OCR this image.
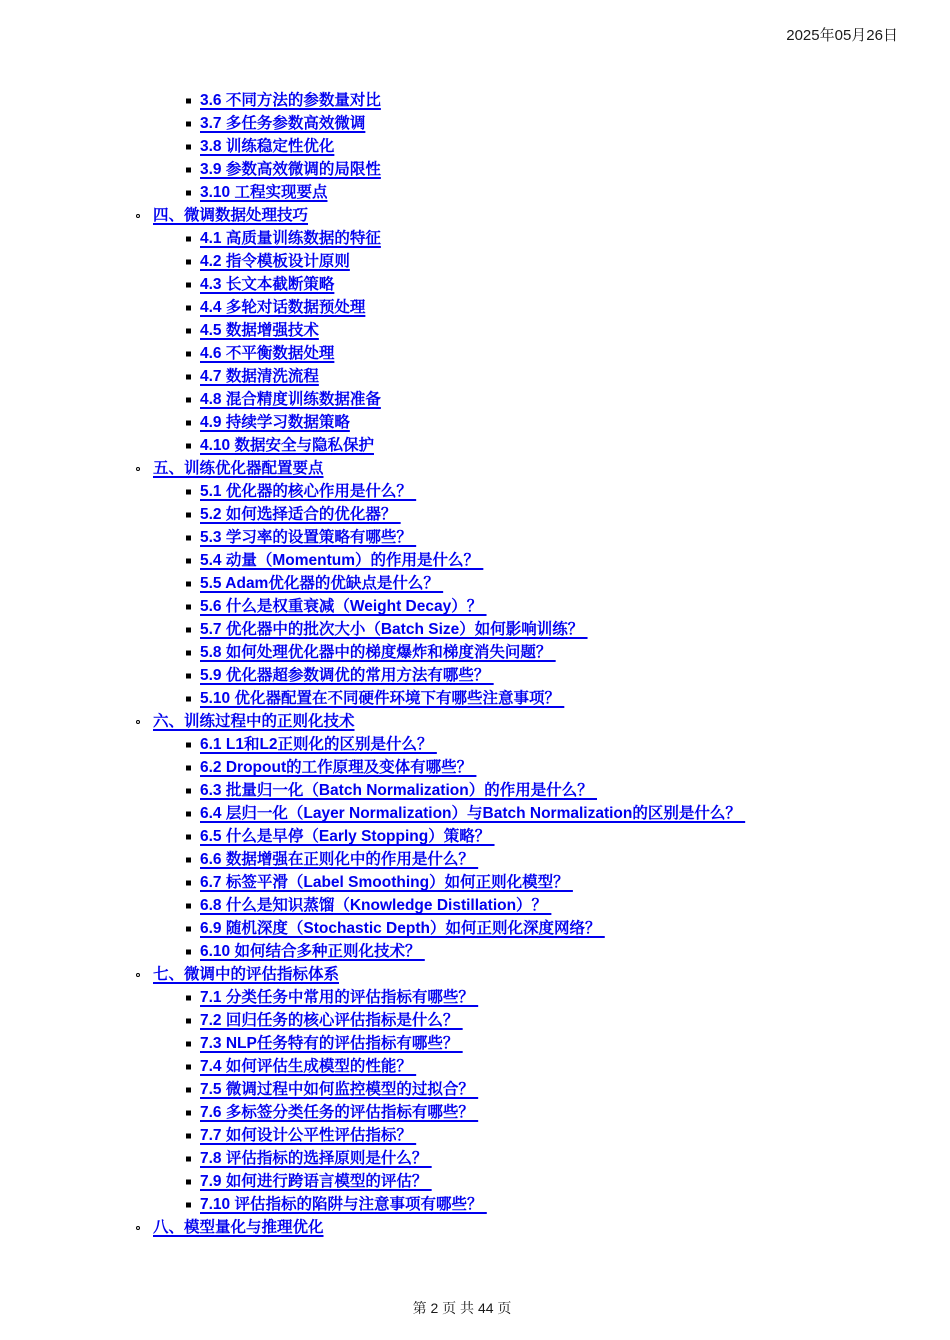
2025年05月26日
3.6 不同方法的参数量对比
3.7 多任务参数高效微调
3.8 训练稳定性优化
3.9 参数高效微调的局限性
3.10 工程实现要点
四、微调数据处理技巧
4.1 高质量训练数据的特征
4.2 指令模板设计原则
4.3 长文本截断策略
4.4 多轮对话数据预处理
4.5 数据增强技术
4.6 不平衡数据处理
4.7 数据清洗流程
4.8 混合精度训练数据准备
4.9 持续学习数据策略
4.10 数据安全与隐私保护
五、训练优化器配置要点
5.1 优化器的核心作用是什么？
5.2 如何选择适合的优化器？
5.3 学习率的设置策略有哪些？
5.4 动量（Momentum）的作用是什么？
5.5 Adam优化器的优缺点是什么？
5.6 什么是权重衰减（Weight Decay）？
5.7 优化器中的批次大小（Batch Size）如何影响训练？
5.8 如何处理优化器中的梯度爆炸和梯度消失问题？
5.9 优化器超参数调优的常用方法有哪些？
5.10 优化器配置在不同硬件环境下有哪些注意事项？
六、训练过程中的正则化技术
6.1 L1和L2正则化的区别是什么？
6.2 Dropout的工作原理及变体有哪些？
6.3 批量归一化（Batch Normalization）的作用是什么？
6.4 层归一化（Layer Normalization）与Batch Normalization的区别是什么？
6.5 什么是早停（Early Stopping）策略？
6.6 数据增强在正则化中的作用是什么？
6.7 标签平滑（Label Smoothing）如何正则化模型？
6.8 什么是知识蒸馏（Knowledge Distillation）？
6.9 随机深度（Stochastic Depth）如何正则化深度网络？
6.10 如何结合多种正则化技术？
七、微调中的评估指标体系
7.1 分类任务中常用的评估指标有哪些？
7.2 回归任务的核心评估指标是什么？
7.3 NLP任务特有的评估指标有哪些？
7.4 如何评估生成模型的性能？
7.5 微调过程中如何监控模型的过拟合？
7.6 多标签分类任务的评估指标有哪些？
7.7 如何设计公平性评估指标？
7.8 评估指标的选择原则是什么？
7.9 如何进行跨语言模型的评估？
7.10 评估指标的陷阱与注意事项有哪些？
八、模型量化与推理优化
第 2 页 共 44 页
